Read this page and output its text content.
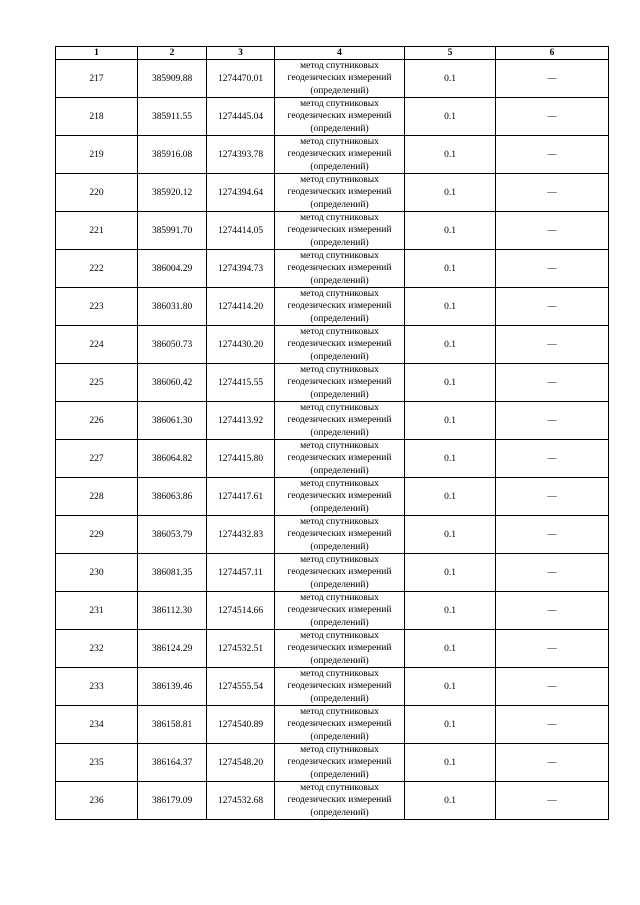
1	2	3	4	5	6
217	385909.88	1274470.01	метод спутниковых геодезических измерений (определений)	0.1	—
218	385911.55	1274445.04	метод спутниковых геодезических измерений (определений)	0.1	—
219	385916.08	1274393.78	метод спутниковых геодезических измерений (определений)	0.1	—
220	385920.12	1274394.64	метод спутниковых геодезических измерений (определений)	0.1	—
221	385991.70	1274414.05	метод спутниковых геодезических измерений (определений)	0.1	—
222	386004.29	1274394.73	метод спутниковых геодезических измерений (определений)	0.1	—
223	386031.80	1274414.20	метод спутниковых геодезических измерений (определений)	0.1	—
224	386050.73	1274430.20	метод спутниковых геодезических измерений (определений)	0.1	—
225	386060.42	1274415.55	метод спутниковых геодезических измерений (определений)	0.1	—
226	386061.30	1274413.92	метод спутниковых геодезических измерений (определений)	0.1	—
227	386064.82	1274415.80	метод спутниковых геодезических измерений (определений)	0.1	—
228	386063.86	1274417.61	метод спутниковых геодезических измерений (определений)	0.1	—
229	386053.79	1274432.83	метод спутниковых геодезических измерений (определений)	0.1	—
230	386081.35	1274457.11	метод спутниковых геодезических измерений (определений)	0.1	—
231	386112.30	1274514.66	метод спутниковых геодезических измерений (определений)	0.1	—
232	386124.29	1274532.51	метод спутниковых геодезических измерений (определений)	0.1	—
233	386139.46	1274555.54	метод спутниковых геодезических измерений (определений)	0.1	—
234	386158.81	1274540.89	метод спутниковых геодезических измерений (определений)	0.1	—
235	386164.37	1274548.20	метод спутниковых геодезических измерений (определений)	0.1	—
236	386179.09	1274532.68	метод спутниковых геодезических измерений (определений)	0.1	—
